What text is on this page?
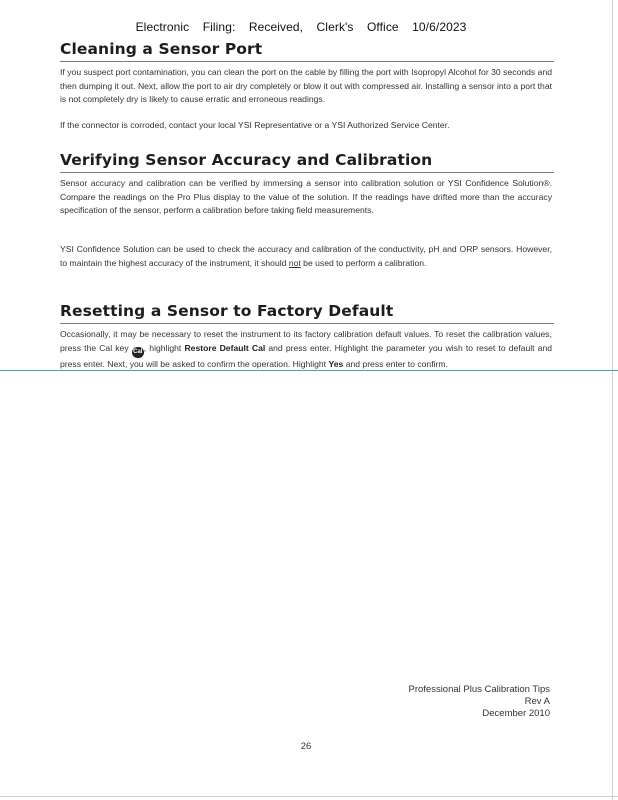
Electronic Filing: Received, Clerk's Office 10/6/2023
Cleaning a Sensor Port

If you suspect port contamination, you can clean the port on the cable by filling the port with Isopropyl Alcohol for 30 seconds and then dumping it out. Next, allow the port to air dry completely or blow it out with compressed air. Installing a sensor into a port that is not completely dry is likely to cause erratic and erroneous readings.

If the connector is corroded, contact your local YSI Representative or a YSI Authorized Service Center.

Verifying Sensor Accuracy and Calibration

Sensor accuracy and calibration can be verified by immersing a sensor into calibration solution or YSI Confidence Solution®. Compare the readings on the Pro Plus display to the value of the solution. If the readings have drifted more than the accuracy specification of the sensor, perform a calibration before taking field measurements.

YSI Confidence Solution can be used to check the accuracy and calibration of the conductivity, pH and ORP sensors. However, to maintain the highest accuracy of the instrument, it should not be used to perform a calibration.

Resetting a Sensor to Factory Default

Occasionally, it may be necessary to reset the instrument to its factory calibration default values. To reset the calibration values, press the Cal key Cal, highlight Restore Default Cal and press enter. Highlight the parameter you wish to reset to default and press enter. Next, you will be asked to confirm the operation. Highlight Yes and press enter to confirm.

Professional Plus Calibration Tips
Rev A
December 2010
26
